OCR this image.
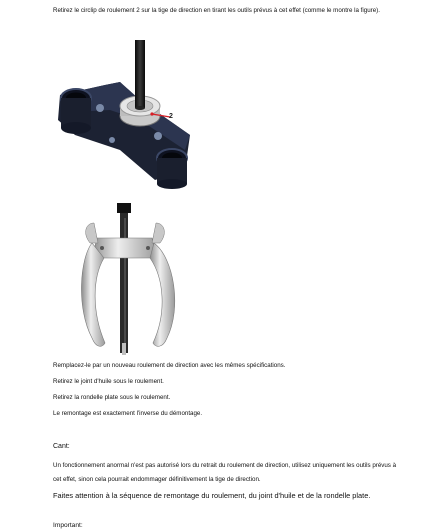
Retirez le circlip de roulement 2 sur la tige de direction en tirant les outils prévus à cet effet (comme le montre la figure).
2
Remplacez-le par un nouveau roulement de direction avec les mêmes spécifications.
Retirez le joint d'huile sous le roulement.
Retirez la rondelle plate sous le roulement.
Le remontage est exactement l'inverse du démontage.
Cant:
Un fonctionnement anormal n'est pas autorisé lors du retrait du roulement de direction, utilisez uniquement les outils prévus à
cet effet, sinon cela pourrait endommager définitivement la tige de direction.
Faites attention à la séquence de remontage du roulement, du joint d'huile et de la rondelle plate.
Important:
